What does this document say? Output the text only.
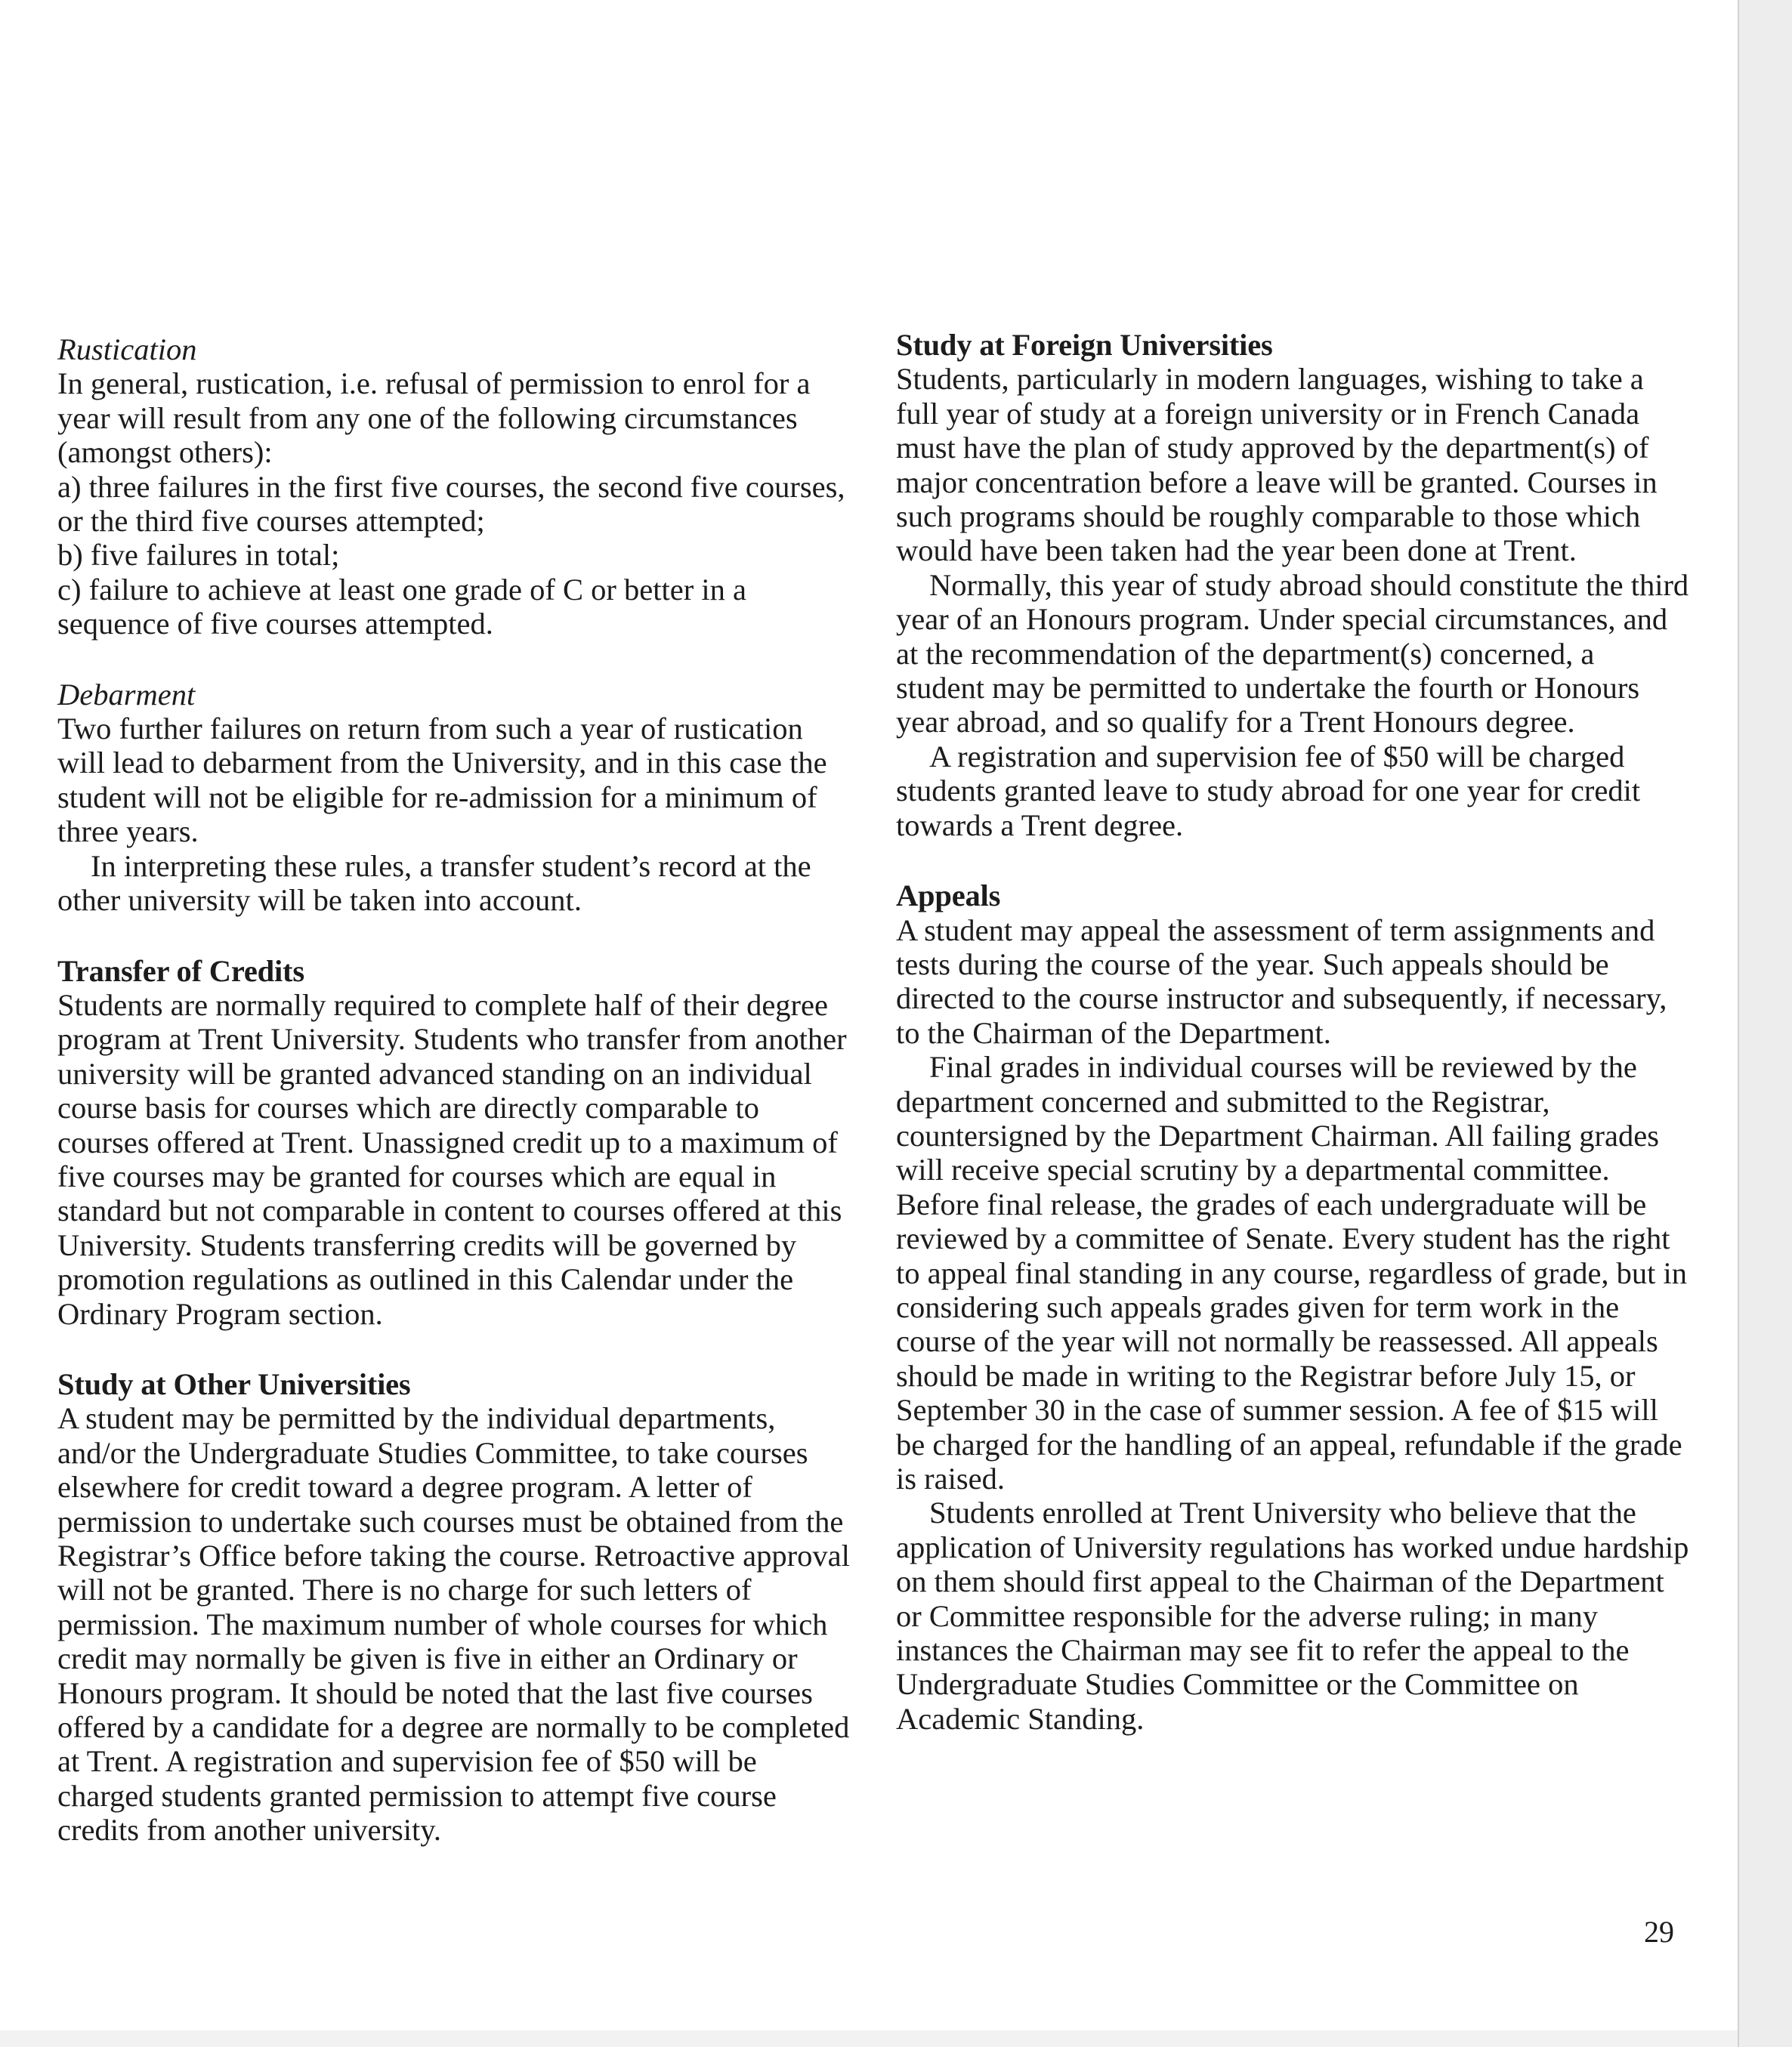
Rustication

In general, rustication, i.e. refusal of permission to enrol for a year will result from any one of the following circumstances (amongst others):

a) three failures in the first five courses, the second five courses, or the third five courses attempted;

b) five failures in total;

c) failure to achieve at least one grade of C or better in a sequence of five courses attempted.

Debarment

Two further failures on return from such a year of rustication will lead to debarment from the University, and in this case the student will not be eligible for re-admission for a minimum of three years.

In interpreting these rules, a transfer student’s record at the other university will be taken into account.

Transfer of Credits

Students are normally required to complete half of their degree program at Trent University. Students who transfer from another university will be granted advanced standing on an individual course basis for courses which are directly comparable to courses offered at Trent. Unassigned credit up to a maximum of five courses may be granted for courses which are equal in standard but not comparable in content to courses offered at this University. Students transferring credits will be governed by promotion regulations as outlined in this Calendar under the Ordinary Program section.

Study at Other Universities

A student may be permitted by the individual departments, and/or the Undergraduate Studies Committee, to take courses elsewhere for credit toward a degree program. A letter of permission to undertake such courses must be obtained from the Registrar’s Office before taking the course. Retroactive approval will not be granted. There is no charge for such letters of permission. The maximum number of whole courses for which credit may normally be given is five in either an Ordinary or Honours program. It should be noted that the last five courses offered by a candidate for a degree are normally to be completed at Trent. A registration and supervision fee of $50 will be charged students granted permission to attempt five course credits from another university.

Study at Foreign Universities

Students, particularly in modern languages, wishing to take a full year of study at a foreign university or in French Canada must have the plan of study approved by the department(s) of major concentration before a leave will be granted. Courses in such programs should be roughly comparable to those which would have been taken had the year been done at Trent.

Normally, this year of study abroad should constitute the third year of an Honours program. Under special circumstances, and at the recommendation of the department(s) concerned, a student may be permitted to undertake the fourth or Honours year abroad, and so qualify for a Trent Honours degree.

A registration and supervision fee of $50 will be charged students granted leave to study abroad for one year for credit towards a Trent degree.

Appeals

A student may appeal the assessment of term assignments and tests during the course of the year. Such appeals should be directed to the course instructor and subsequently, if necessary, to the Chairman of the Department.

Final grades in individual courses will be reviewed by the department concerned and submitted to the Registrar, countersigned by the Department Chairman. All failing grades will receive special scrutiny by a departmental committee. Before final release, the grades of each undergraduate will be reviewed by a committee of Senate. Every student has the right to appeal final standing in any course, regardless of grade, but in considering such appeals grades given for term work in the course of the year will not normally be reassessed. All appeals should be made in writing to the Registrar before July 15, or September 30 in the case of summer session. A fee of $15 will be charged for the handling of an appeal, refundable if the grade is raised.

Students enrolled at Trent University who believe that the application of University regulations has worked undue hardship on them should first appeal to the Chairman of the Department or Committee responsible for the adverse ruling; in many instances the Chairman may see fit to refer the appeal to the Undergraduate Studies Committee or the Committee on Academic Standing.

29
